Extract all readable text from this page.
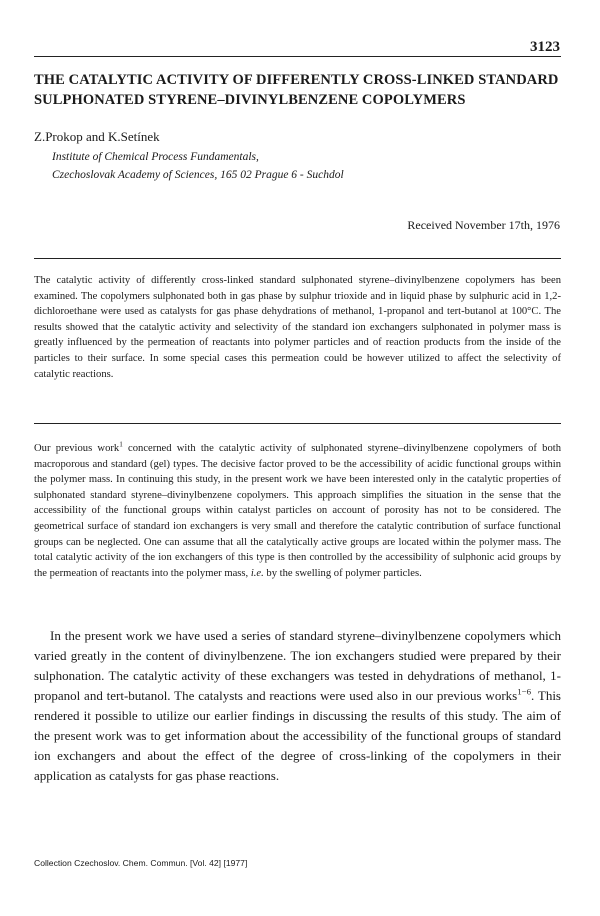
3123
THE CATALYTIC ACTIVITY OF DIFFERENTLY CROSS-LINKED STANDARD SULPHONATED STYRENE–DIVINYLBENZENE COPOLYMERS
Z.Prokop and K.Setínek
Institute of Chemical Process Fundamentals,
Czechoslovak Academy of Sciences, 165 02 Prague 6 - Suchdol
Received November 17th, 1976

The catalytic activity of differently cross-linked standard sulphonated styrene–divinylbenzene copolymers has been examined. The copolymers sulphonated both in gas phase by sulphur trioxide and in liquid phase by sulphuric acid in 1,2-dichloroethane were used as catalysts for gas phase dehydrations of methanol, 1-propanol and tert-butanol at 100°C. The results showed that the catalytic activity and selectivity of the standard ion exchangers sulphonated in polymer mass is greatly influenced by the permeation of reactants into polymer particles and of reaction products from the inside of the particles to their surface. In some special cases this permeation could be however utilized to affect the selectivity of catalytic reactions.

Our previous work$^1$ concerned with the catalytic activity of sulphonated styrene–divinylbenzene copolymers of both macroporous and standard (gel) types. The decisive factor proved to be the accessibility of acidic functional groups within the polymer mass. In continuing this study, in the present work we have been interested only in the catalytic properties of sulphonated standard styrene–divinylbenzene copolymers. This approach simplifies the situation in the sense that the accessibility of the functional groups within catalyst particles on account of porosity has not to be considered. The geometrical surface of standard ion exchangers is very small and therefore the catalytic contribution of surface functional groups can be neglected. One can assume that all the catalytically active groups are located within the polymer mass. The total catalytic activity of the ion exchangers of this type is then controlled by the accessibility of sulphonic acid groups by the permeation of reactants into the polymer mass, i.e. by the swelling of polymer particles.

In the present work we have used a series of standard styrene–divinylbenzene copolymers which varied greatly in the content of divinylbenzene. The ion exchangers studied were prepared by their sulphonation. The catalytic activity of these exchangers was tested in dehydrations of methanol, 1-propanol and tert-butanol. The catalysts and reactions were used also in our previous works$^{1-6}$. This rendered it possible to utilize our earlier findings in discussing the results of this study. The aim of the present work was to get information about the accessibility of the functional groups of standard ion exchangers and about the effect of the degree of cross-linking of the copolymers in their application as catalysts for gas phase reactions.

Collection Czechoslov. Chem. Commun. [Vol. 42] [1977]
